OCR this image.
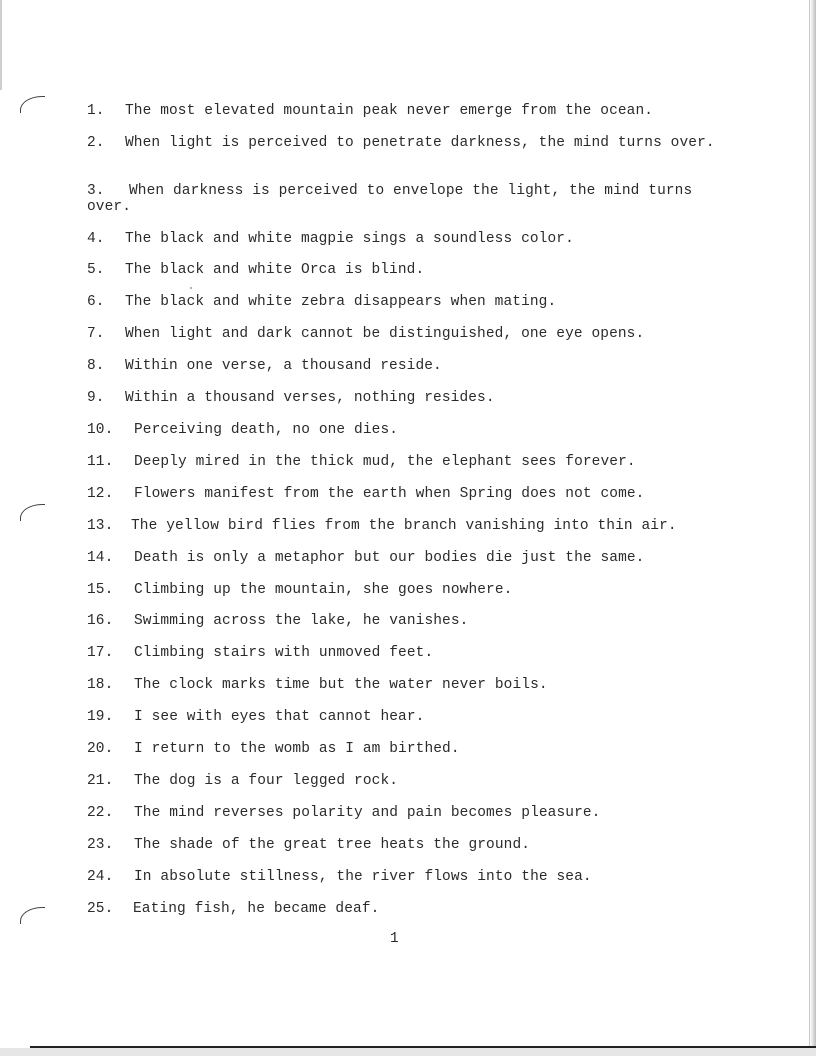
1. The most elevated mountain peak never emerge from the ocean.
2. When light is perceived to penetrate darkness, the mind turns over.
3. When darkness is perceived to envelope the light, the mind turns over.
4. The black and white magpie sings a soundless color.
5. The black and white Orca is blind.
6. The black and white zebra disappears when mating.
7. When light and dark cannot be distinguished, one eye opens.
8. Within one verse, a thousand reside.
9. Within a thousand verses, nothing resides.
10. Perceiving death, no one dies.
11. Deeply mired in the thick mud, the elephant sees forever.
12. Flowers manifest from the earth when Spring does not come.
13. The yellow bird flies from the branch vanishing into thin air.
14. Death is only a metaphor but our bodies die just the same.
15. Climbing up the mountain, she goes nowhere.
16. Swimming across the lake, he vanishes.
17. Climbing stairs with unmoved feet.
18. The clock marks time but the water never boils.
19. I see with eyes that cannot hear.
20. I return to the womb as I am birthed.
21. The dog is a four legged rock.
22. The mind reverses polarity and pain becomes pleasure.
23. The shade of the great tree heats the ground.
24. In absolute stillness, the river flows into the sea.
25. Eating fish, he became deaf.
1
